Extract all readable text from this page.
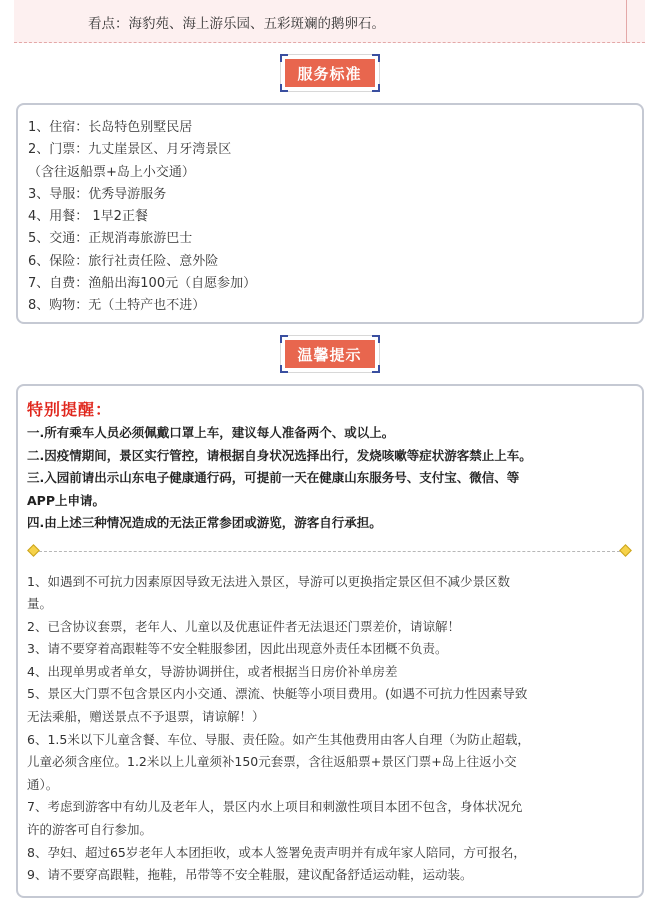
看点：海豹苑、海上游乐园、五彩斑斓的鹅卵石。
服务标准
1、住宿：长岛特色别墅民居
2、门票：九丈崖景区、月牙湾景区
（含往返船票+岛上小交通）
3、导服：优秀导游服务
4、用餐： 1早2正餐
5、交通：正规消毒旅游巴士
6、保险：旅行社责任险、意外险
7、自费：渔船出海100元（自愿参加）
8、购物：无（土特产也不进）
温馨提示
特别提醒：
一.所有乘车人员必须佩戴口罩上车，建议每人准备两个、或以上。
二.因疫情期间，景区实行管控，请根据自身状况选择出行，发烧咳嗽等症状游客禁止上车。
三.入园前请出示山东电子健康通行码，可提前一天在健康山东服务号、支付宝、微信、等
APP上申请。
四.由上述三种情况造成的无法正常参团或游览，游客自行承担。
1、如遇到不可抗力因素原因导致无法进入景区，导游可以更换指定景区但不减少景区数
量。
2、已含协议套票，老年人、儿童以及优惠证件者无法退还门票差价，请谅解！
3、请不要穿着高跟鞋等不安全鞋服参团，因此出现意外责任本团概不负责。
4、出现单男或者单女，导游协调拼住，或者根据当日房价补单房差
5、景区大门票不包含景区内小交通、漂流、快艇等小项目费用。(如遇不可抗力性因素导致
无法乘船，赠送景点不予退票，请谅解！）
6、1.5米以下儿童含餐、车位、导服、责任险。如产生其他费用由客人自理（为防止超载，
儿童必须含座位。1.2米以上儿童须补150元套票，含往返船票+景区门票+岛上往返小交
通）。
7、考虑到游客中有幼儿及老年人，景区内水上项目和刺激性项目本团不包含，身体状况允
许的游客可自行参加。
8、孕妇、超过65岁老年人本团拒收，或本人签署免责声明并有成年家人陪同，方可报名，
9、请不要穿高跟鞋，拖鞋，吊带等不安全鞋服，建议配备舒适运动鞋，运动装。
